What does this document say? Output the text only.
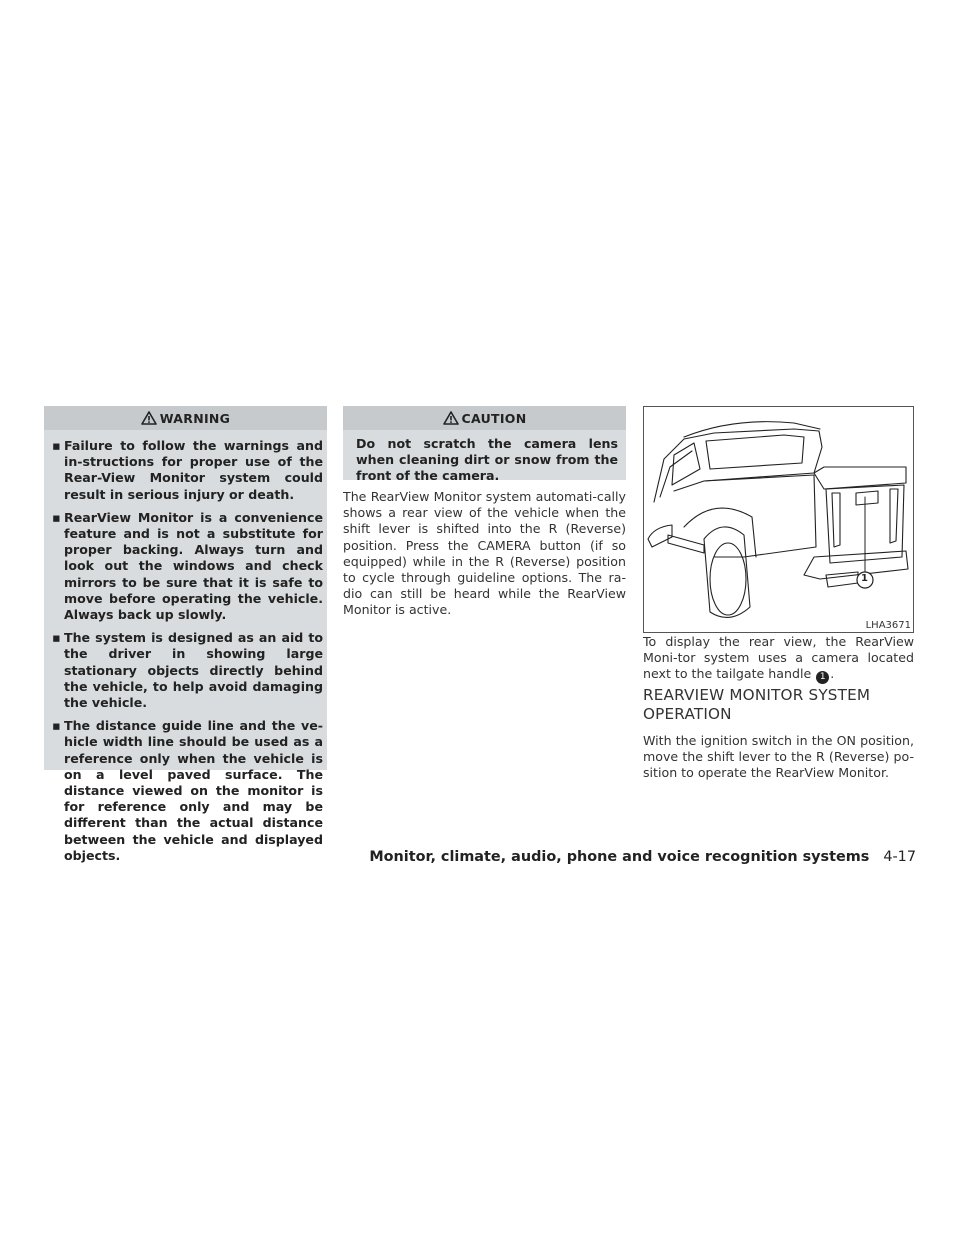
WARNING
▪ Failure to follow the warnings and in-structions for proper use of the Rear-View Monitor system could result in serious injury or death.
▪ RearView Monitor is a convenience feature and is not a substitute for proper backing. Always turn and look out the windows and check mirrors to be sure that it is safe to move before operating the vehicle. Always back up slowly.
▪ The system is designed as an aid to the driver in showing large stationary objects directly behind the vehicle, to help avoid damaging the vehicle.
▪ The distance guide line and the ve-hicle width line should be used as a reference only when the vehicle is on a level paved surface. The distance viewed on the monitor is for reference only and may be different than the actual distance between the vehicle and displayed objects.
CAUTION
Do not scratch the camera lens when cleaning dirt or snow from the front of the camera.

The RearView Monitor system automati-cally shows a rear view of the vehicle when the shift lever is shifted into the R (Reverse) position. Press the CAMERA button (if so equipped) while in the R (Reverse) position to cycle through guideline options. The ra-dio can still be heard while the RearView Monitor is active.

1
LHA3671

To display the rear view, the RearView Moni-tor system uses a camera located next to the tailgate handle 1 .

REARVIEW MONITOR SYSTEM
OPERATION

With the ignition switch in the ON position, move the shift lever to the R (Reverse) po-sition to operate the RearView Monitor.

Monitor, climate, audio, phone and voice recognition systems 4-17
